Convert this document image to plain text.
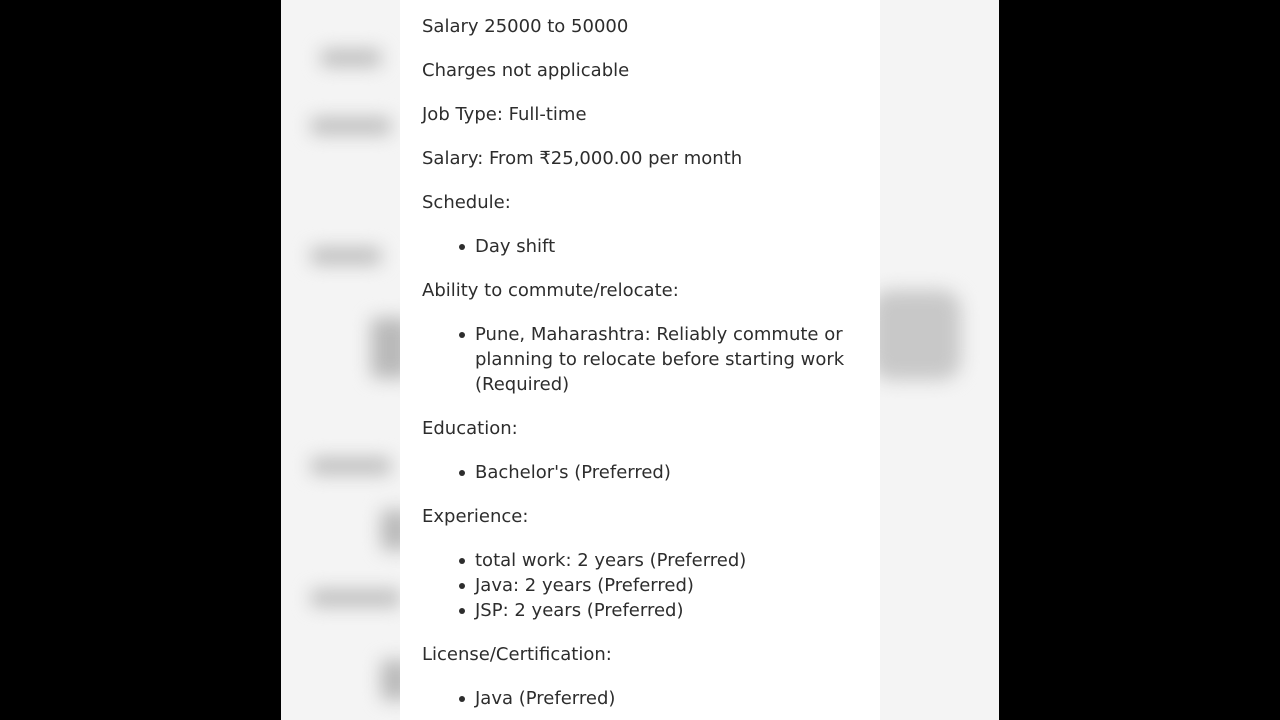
Salary 25000 to 50000

Charges not applicable

Job Type: Full-time

Salary: From ₹25,000.00 per month

Schedule:

Day shift

Ability to commute/relocate:

Pune, Maharashtra: Reliably commute or planning to relocate before starting work (Required)

Education:

Bachelor's (Preferred)

Experience:

total work: 2 years (Preferred)

Java: 2 years (Preferred)

JSP: 2 years (Preferred)

License/Certification:

Java (Preferred)
